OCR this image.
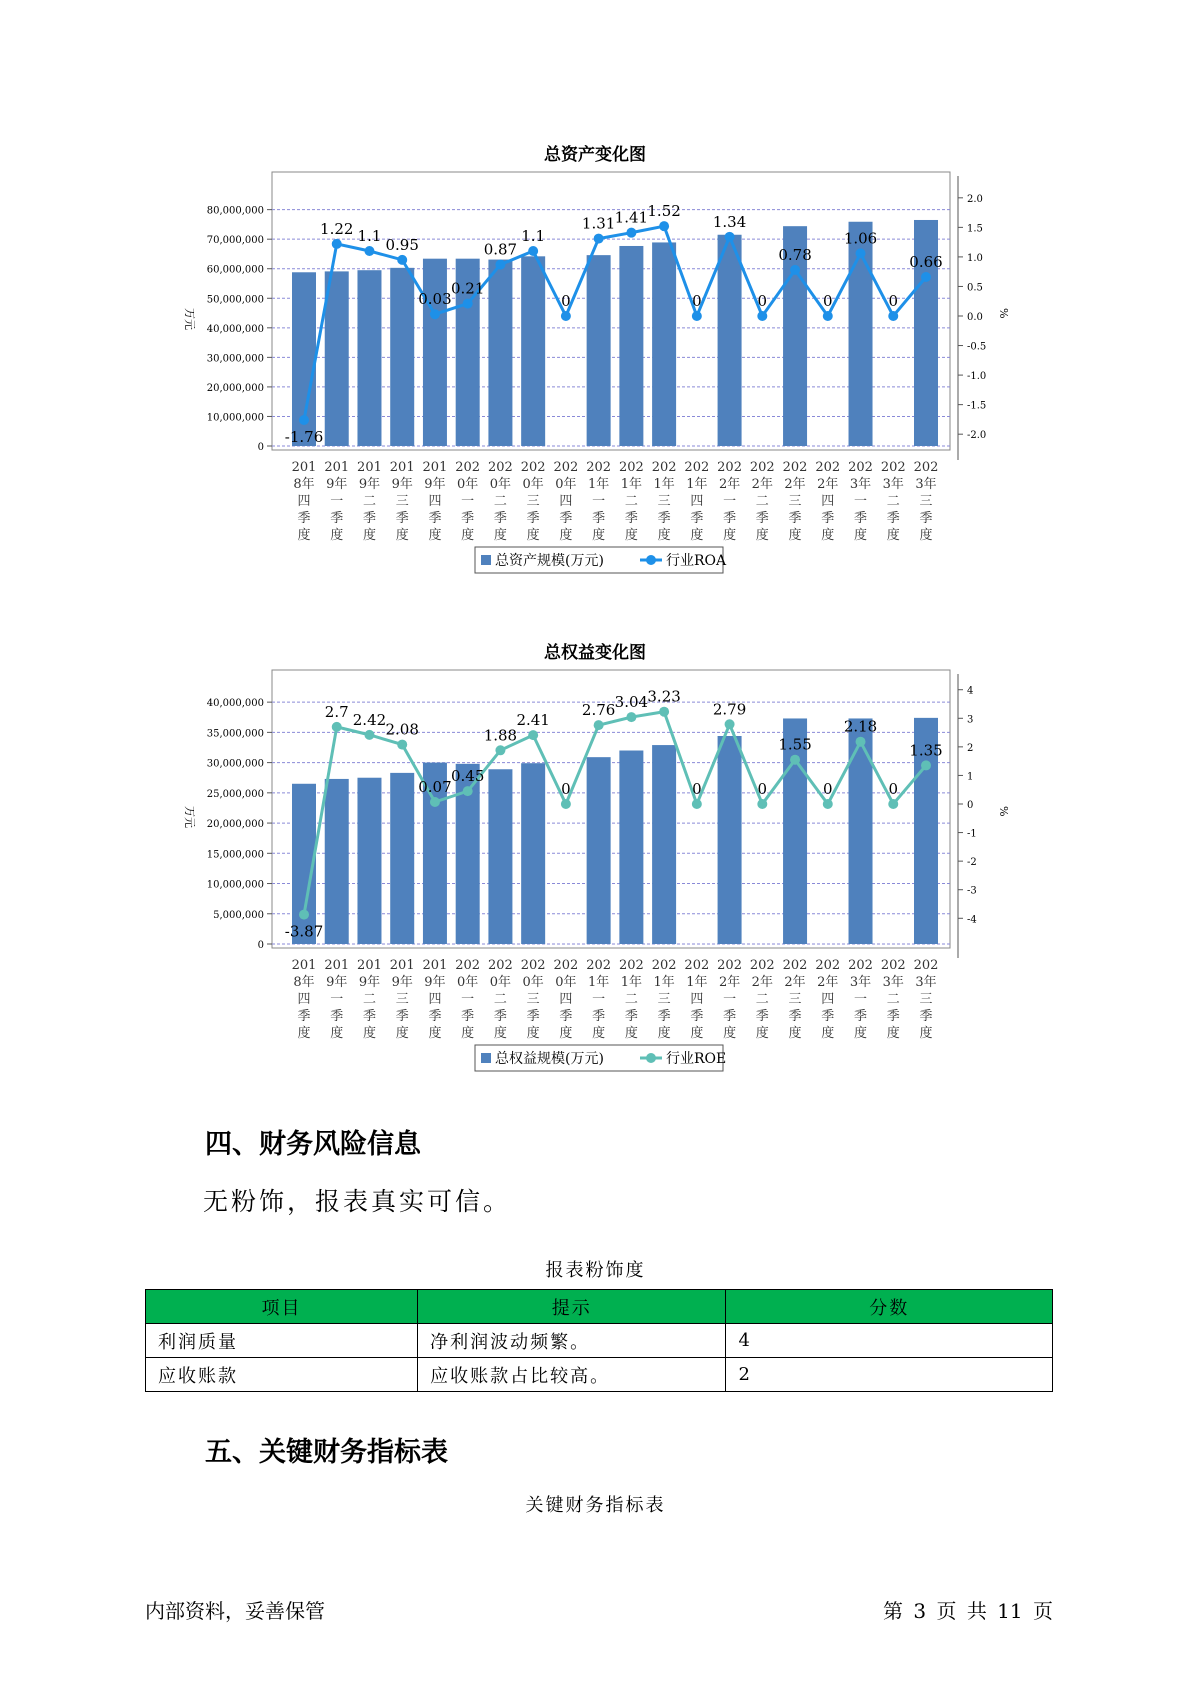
总资产变化图
80,000,000
70,000,000
60,000,000
50,000,000
40,000,000
30,000,000
20,000,000
10,000,000
0
2.0
1.5
1.0
0.5
0.0
-0.5
-1.0
-1.5
-2.0
万元	%
-1.76
1.22 1.1 0.95
0.03
0.21
0.87
1.1
0
1.31 1.41 1.52
0
1.34
0
0.78
0
1.06
0
0.66
201
8年
四
季
度
201
9年
一
季
度
201
9年
二
季
度
201
9年
三
季
度
201
9年
四
季
度
202
0年
一
季
度
202
0年
二
季
度
202
0年
三
季
度
202
0年
四
季
度
202
1年
一
季
度
202
1年
二
季
度
202
1年
三
季
度
202
1年
四
季
度
202
2年
一
季
度
202
2年
二
季
度
202
2年
三
季
度
202
2年
四
季
度
202
3年
一
季
度
202
3年
二
季
度
202
3年
三
季
度
总资产规模(万元)	行业ROA
总权益变化图
40,000,000
35,000,000
30,000,000
25,000,000
20,000,000
15,000,000
10,000,000
5,000,000
0
4
3
2
1
0
-1
-2
-3
-4
万元	%
-3.87
2.7 2.42
2.08
0.07
0.45
1.88
2.41
0
2.76 3.04 3.23
0
2.79
0
1.55
0
2.18
0
1.35
201
8年
四
季
度
201
9年
一
季
度
201
9年
二
季
度
201
9年
三
季
度
201
9年
四
季
度
202
0年
一
季
度
202
0年
二
季
度
202
0年
三
季
度
202
0年
四
季
度
202
1年
一
季
度
202
1年
二
季
度
202
1年
三
季
度
202
1年
四
季
度
202
2年
一
季
度
202
2年
二
季
度
202
2年
三
季
度
202
2年
四
季
度
202
3年
一
季
度
202
3年
二
季
度
202
3年
三
季
度
总权益规模(万元)	行业ROE
四、财务风险信息

无粉饰，报表真实可信。

报表粉饰度
项目	提示	分数
利润质量	净利润波动频繁。	4
应收账款	应收账款占比较高。	2
五、关键财务指标表
关键财务指标表
内部资料，妥善保管	第 3 页 共 11 页
